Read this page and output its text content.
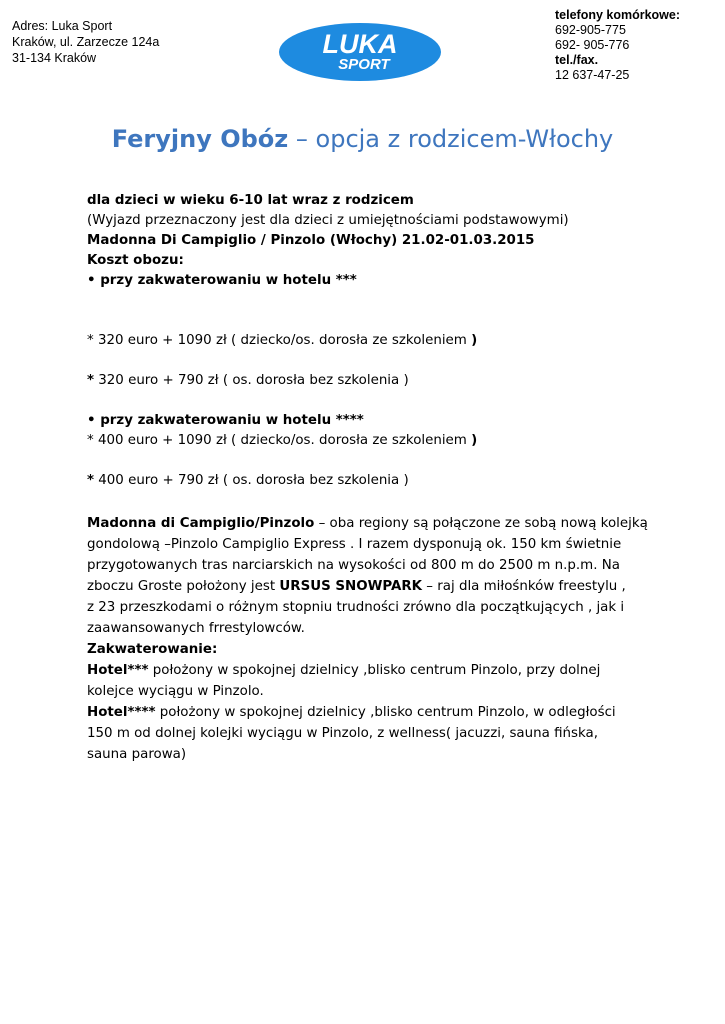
Adres: Luka Sport
Kraków, ul. Zarzecze 124a
31-134 Kraków	LUKA
SPORT
telefony komórkowe:
692-905-775
692- 905-776
tel./fax.
12 637-47-25
Feryjny Obóz – opcja z rodzicem-Włochy
dla dzieci w wieku 6-10 lat wraz z rodzicem
(Wyjazd przeznaczony jest dla dzieci z umiejętnościami podstawowymi)
Madonna Di Campiglio / Pinzolo (Włochy) 21.02-01.03.2015
Koszt obozu:
• przy zakwaterowaniu w hotelu ***
* 320 euro + 1090 zł ( dziecko/os. dorosła ze szkoleniem )
* 320 euro + 790 zł ( os. dorosła bez szkolenia )
• przy zakwaterowaniu w hotelu ****
* 400 euro + 1090 zł ( dziecko/os. dorosła ze szkoleniem )
* 400 euro + 790 zł ( os. dorosła bez szkolenia )
Madonna di Campiglio/Pinzolo – oba regiony są połączone ze sobą nową kolejką
gondolową –Pinzolo Campiglio Express . I razem dysponują ok. 150 km świetnie
przygotowanych tras narciarskich na wysokości od 800 m do 2500 m n.p.m. Na
zboczu Groste położony jest URSUS SNOWPARK – raj dla miłośnków freestylu ,
z 23 przeszkodami o różnym stopniu trudności zrówno dla początkujących , jak i
zaawansowanych frrestylowców.
Zakwaterowanie:
Hotel*** położony w spokojnej dzielnicy ,blisko centrum Pinzolo, przy dolnej
kolejce wyciągu w Pinzolo.
Hotel**** położony w spokojnej dzielnicy ,blisko centrum Pinzolo, w odległości
150 m od dolnej kolejki wyciągu w Pinzolo, z wellness( jacuzzi, sauna fińska,
sauna parowa)
